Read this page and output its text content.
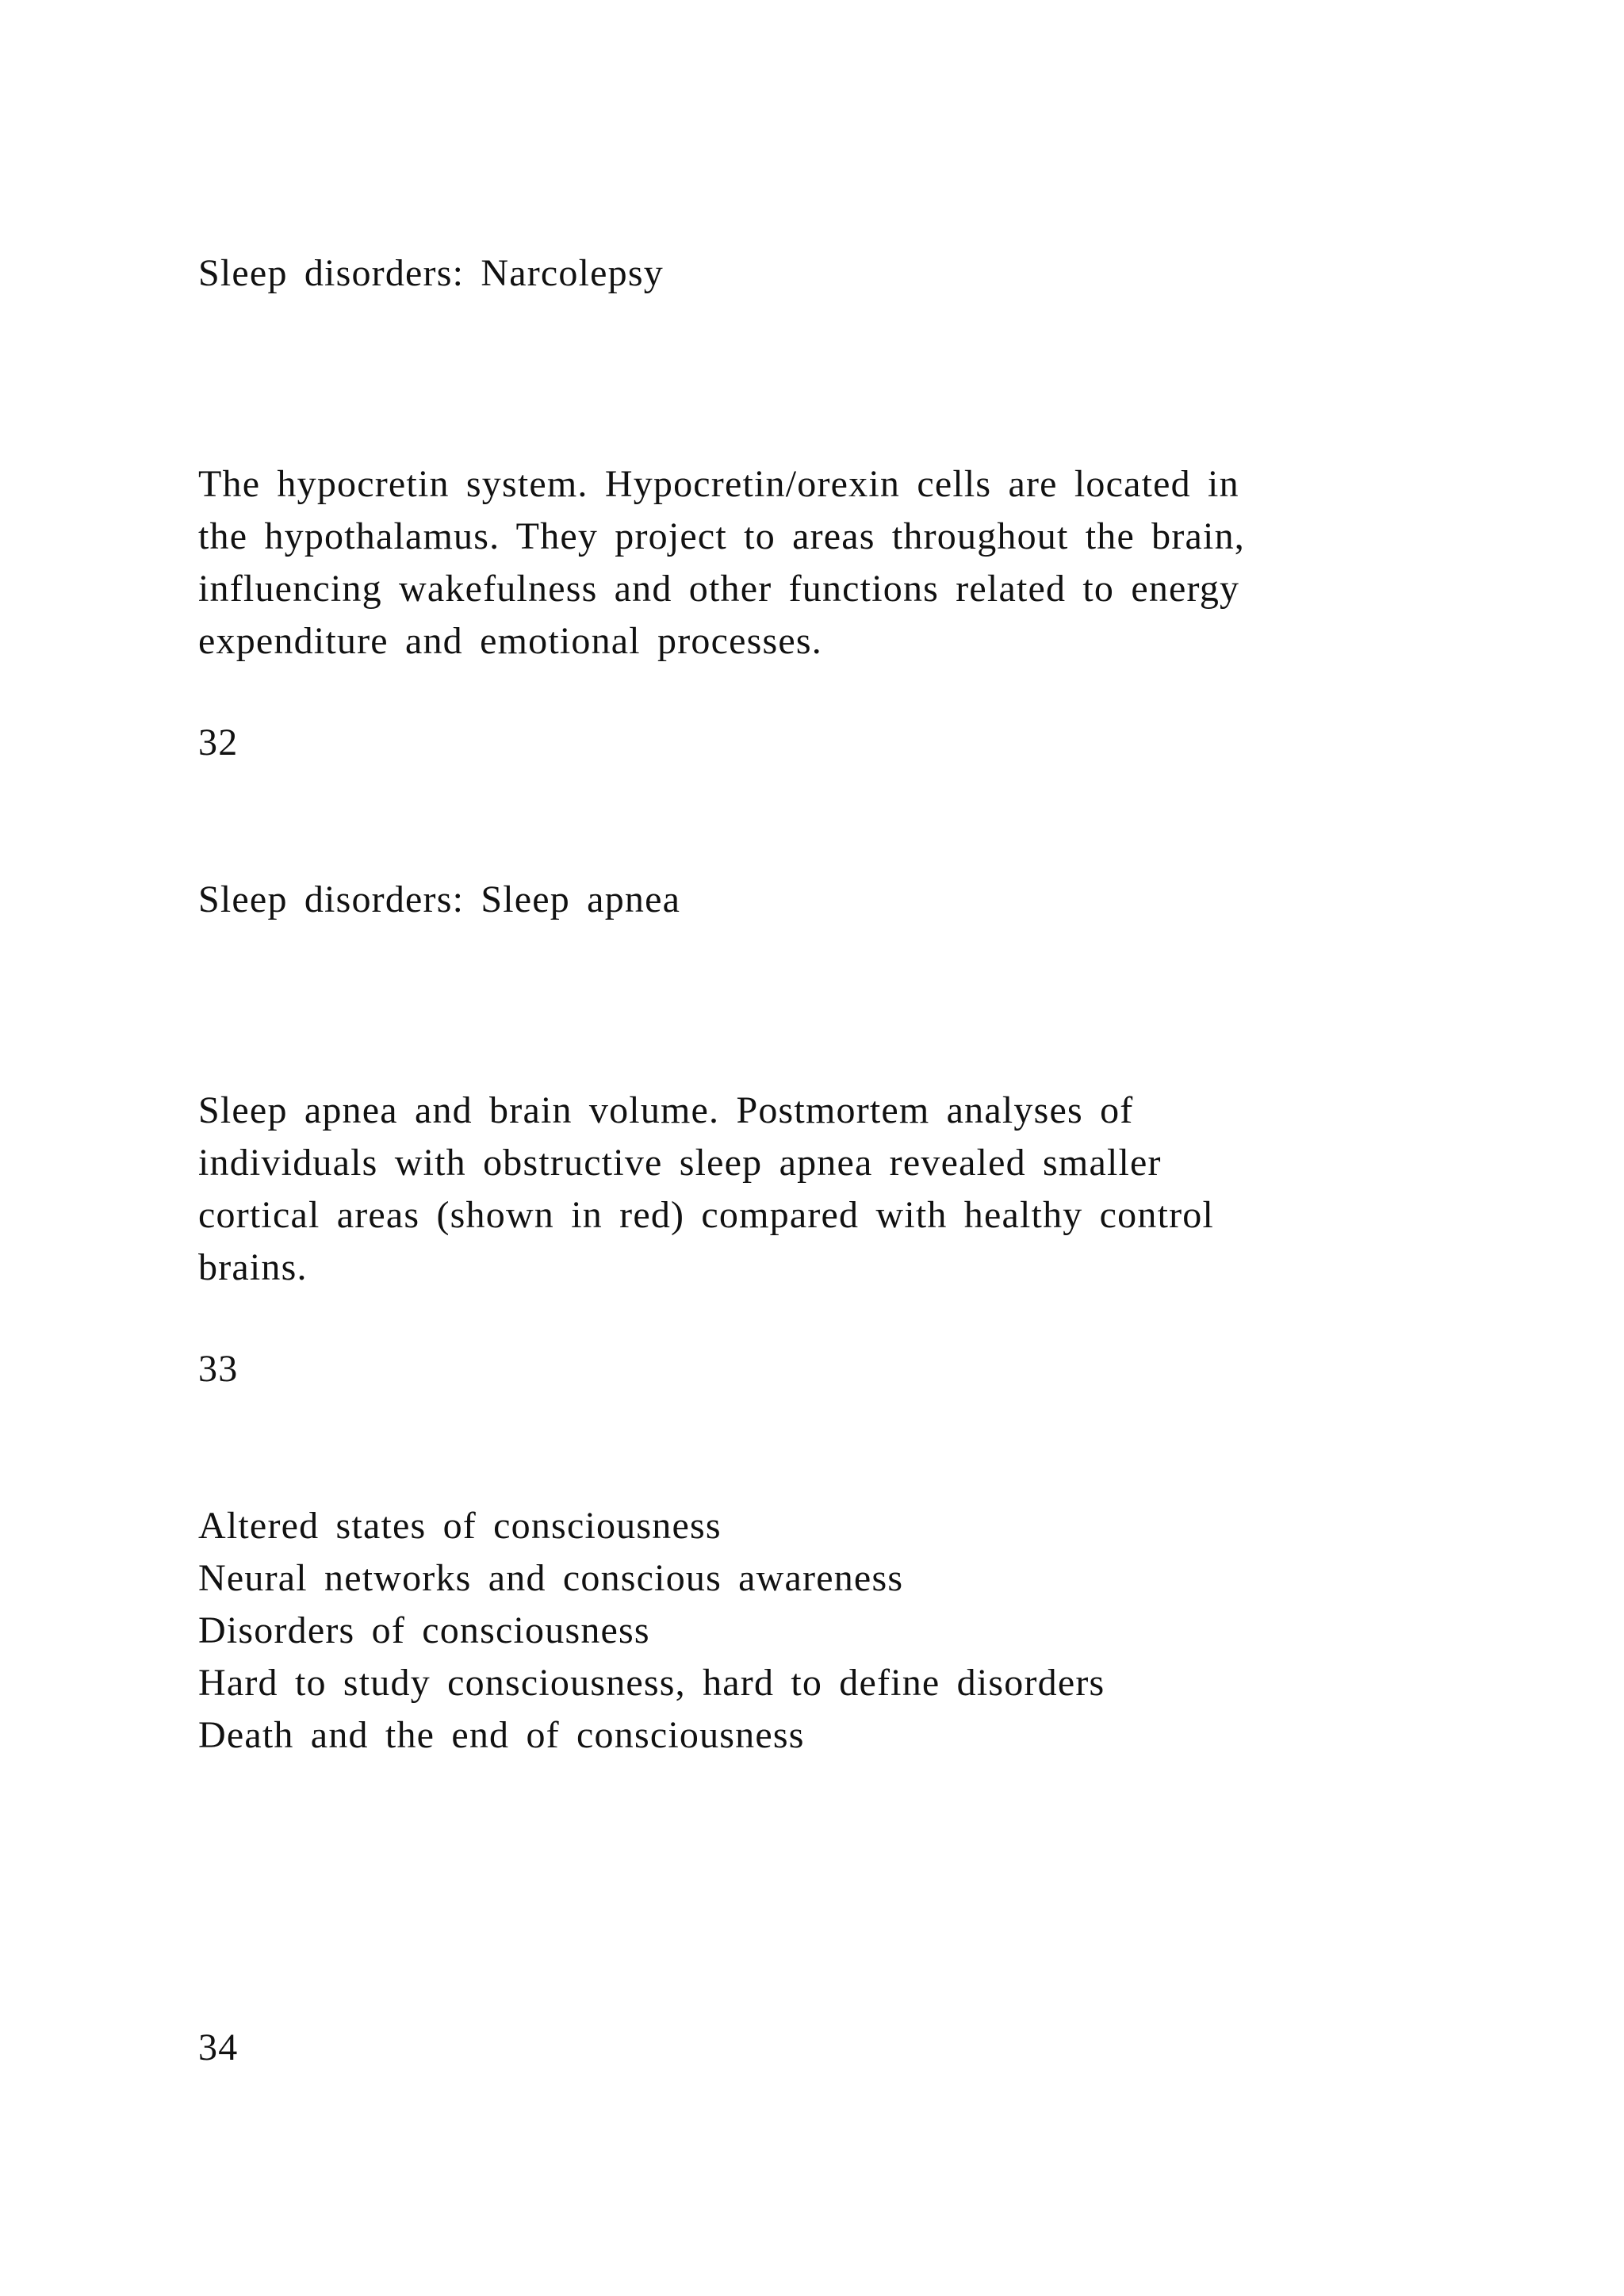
Sleep disorders: Narcolepsy

The hypocretin system. Hypocretin/orexin cells are located in

the hypothalamus. They project to areas throughout the brain,

influencing wakefulness and other functions related to energy

expenditure and emotional processes.

32

Sleep disorders: Sleep apnea

Sleep apnea and brain volume. Postmortem analyses of

individuals with obstructive sleep apnea revealed smaller

cortical areas (shown in red) compared with healthy control

brains.

33

Altered states of consciousness

Neural networks and conscious awareness

Disorders of consciousness

Hard to study consciousness, hard to define disorders

Death and the end of consciousness

34
